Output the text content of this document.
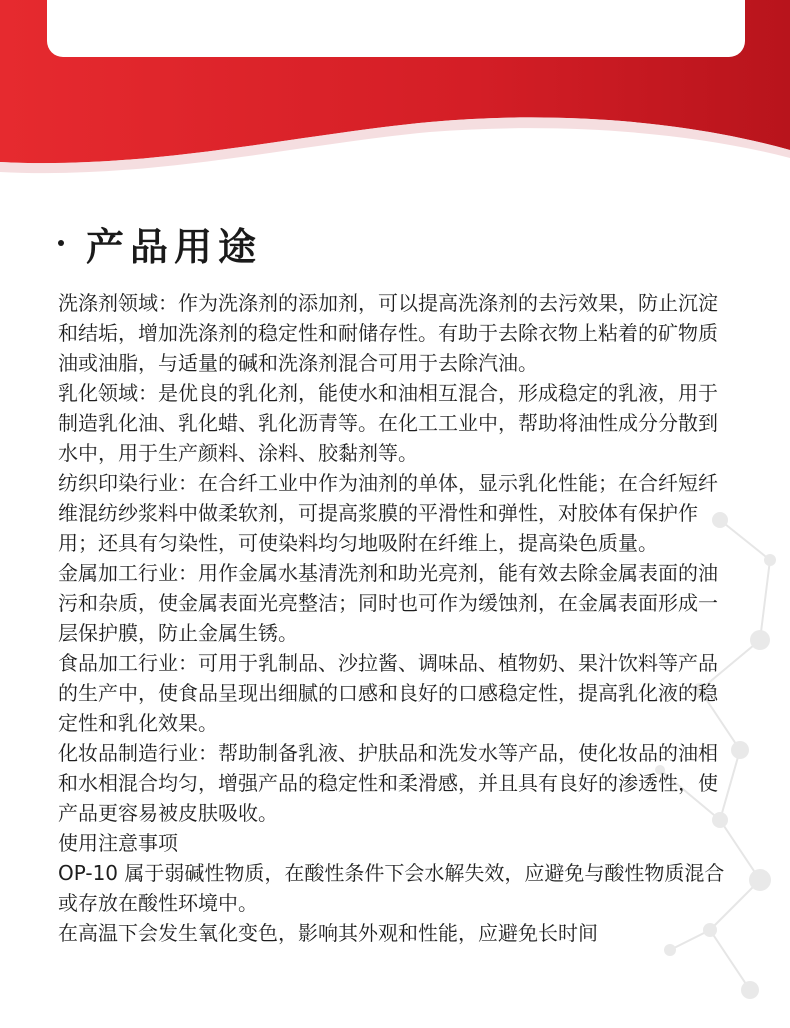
产品用途

洗涤剂领域：作为洗涤剂的添加剂，可以提高洗涤剂的去污效果，防止沉淀和结垢，增加洗涤剂的稳定性和耐储存性。有助于去除衣物上粘着的矿物质油或油脂，与适量的碱和洗涤剂混合可用于去除汽油。

乳化领域：是优良的乳化剂，能使水和油相互混合，形成稳定的乳液，用于制造乳化油、乳化蜡、乳化沥青等。在化工工业中，帮助将油性成分分散到水中，用于生产颜料、涂料、胶黏剂等。

纺织印染行业：在合纤工业中作为油剂的单体，显示乳化性能；在合纤短纤维混纺纱浆料中做柔软剂，可提高浆膜的平滑性和弹性，对胶体有保护作用；还具有匀染性，可使染料均匀地吸附在纤维上，提高染色质量。

金属加工行业：用作金属水基清洗剂和助光亮剂，能有效去除金属表面的油污和杂质，使金属表面光亮整洁；同时也可作为缓蚀剂，在金属表面形成一层保护膜，防止金属生锈。

食品加工行业：可用于乳制品、沙拉酱、调味品、植物奶、果汁饮料等产品的生产中，使食品呈现出细腻的口感和良好的口感稳定性，提高乳化液的稳定性和乳化效果。

化妆品制造行业：帮助制备乳液、护肤品和洗发水等产品，使化妆品的油相和水相混合均匀，增强产品的稳定性和柔滑感，并且具有良好的渗透性，使产品更容易被皮肤吸收。

使用注意事项

OP-10 属于弱碱性物质，在酸性条件下会水解失效，应避免与酸性物质混合或存放在酸性环境中。

在高温下会发生氧化变色，影响其外观和性能，应避免长时间
